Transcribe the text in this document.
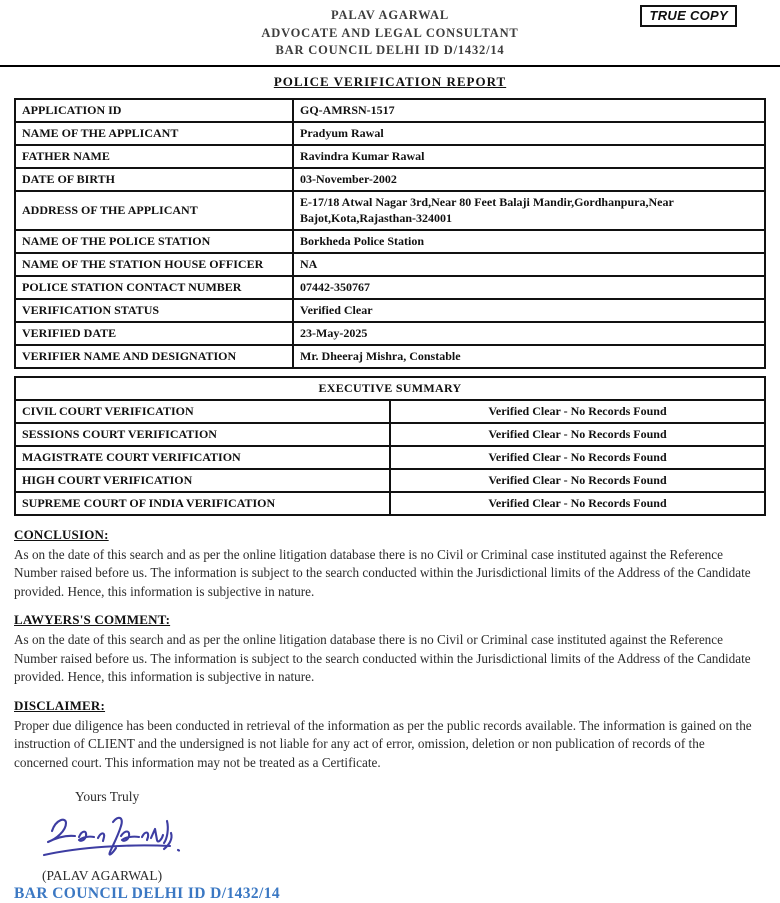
PALAV AGARWAL
ADVOCATE AND LEGAL CONSULTANT
BAR COUNCIL DELHI ID D/1432/14
TRUE COPY
POLICE VERIFICATION REPORT
APPLICATION ID	GQ-AMRSN-1517
NAME OF THE APPLICANT	Pradyum Rawal
FATHER NAME	Ravindra Kumar Rawal
DATE OF BIRTH	03-November-2002
ADDRESS OF THE APPLICANT	E-17/18 Atwal Nagar 3rd,Near 80 Feet Balaji Mandir,Gordhanpura,Near Bajot,Kota,Rajasthan-324001
NAME OF THE POLICE STATION	Borkheda Police Station
NAME OF THE STATION HOUSE OFFICER	NA
POLICE STATION CONTACT NUMBER	07442-350767
VERIFICATION STATUS	Verified Clear
VERIFIED DATE	23-May-2025
VERIFIER NAME AND DESIGNATION	Mr. Dheeraj Mishra, Constable
EXECUTIVE SUMMARY	
CIVIL COURT VERIFICATION	Verified Clear - No Records Found
SESSIONS COURT VERIFICATION	Verified Clear - No Records Found
MAGISTRATE COURT VERIFICATION	Verified Clear - No Records Found
HIGH COURT VERIFICATION	Verified Clear - No Records Found
SUPREME COURT OF INDIA VERIFICATION	Verified Clear - No Records Found
CONCLUSION:
As on the date of this search and as per the online litigation database there is no Civil or Criminal case instituted against the Reference Number raised before us. The information is subject to the search conducted within the Jurisdictional limits of the Address of the Candidate provided. Hence, this information is subjective in nature.
LAWYERS'S COMMENT:
As on the date of this search and as per the online litigation database there is no Civil or Criminal case instituted against the Reference Number raised before us. The information is subject to the search conducted within the Jurisdictional limits of the Address of the Candidate provided. Hence, this information is subjective in nature.
DISCLAIMER:
Proper due diligence has been conducted in retrieval of the information as per the public records available. The information is gained on the instruction of CLIENT and the undersigned is not liable for any act of error, omission, deletion or non publication of records of the concerned court. This information may not be treated as a Certificate.
Yours Truly
(PALAV AGARWAL)
BAR COUNCIL DELHI ID D/1432/14
